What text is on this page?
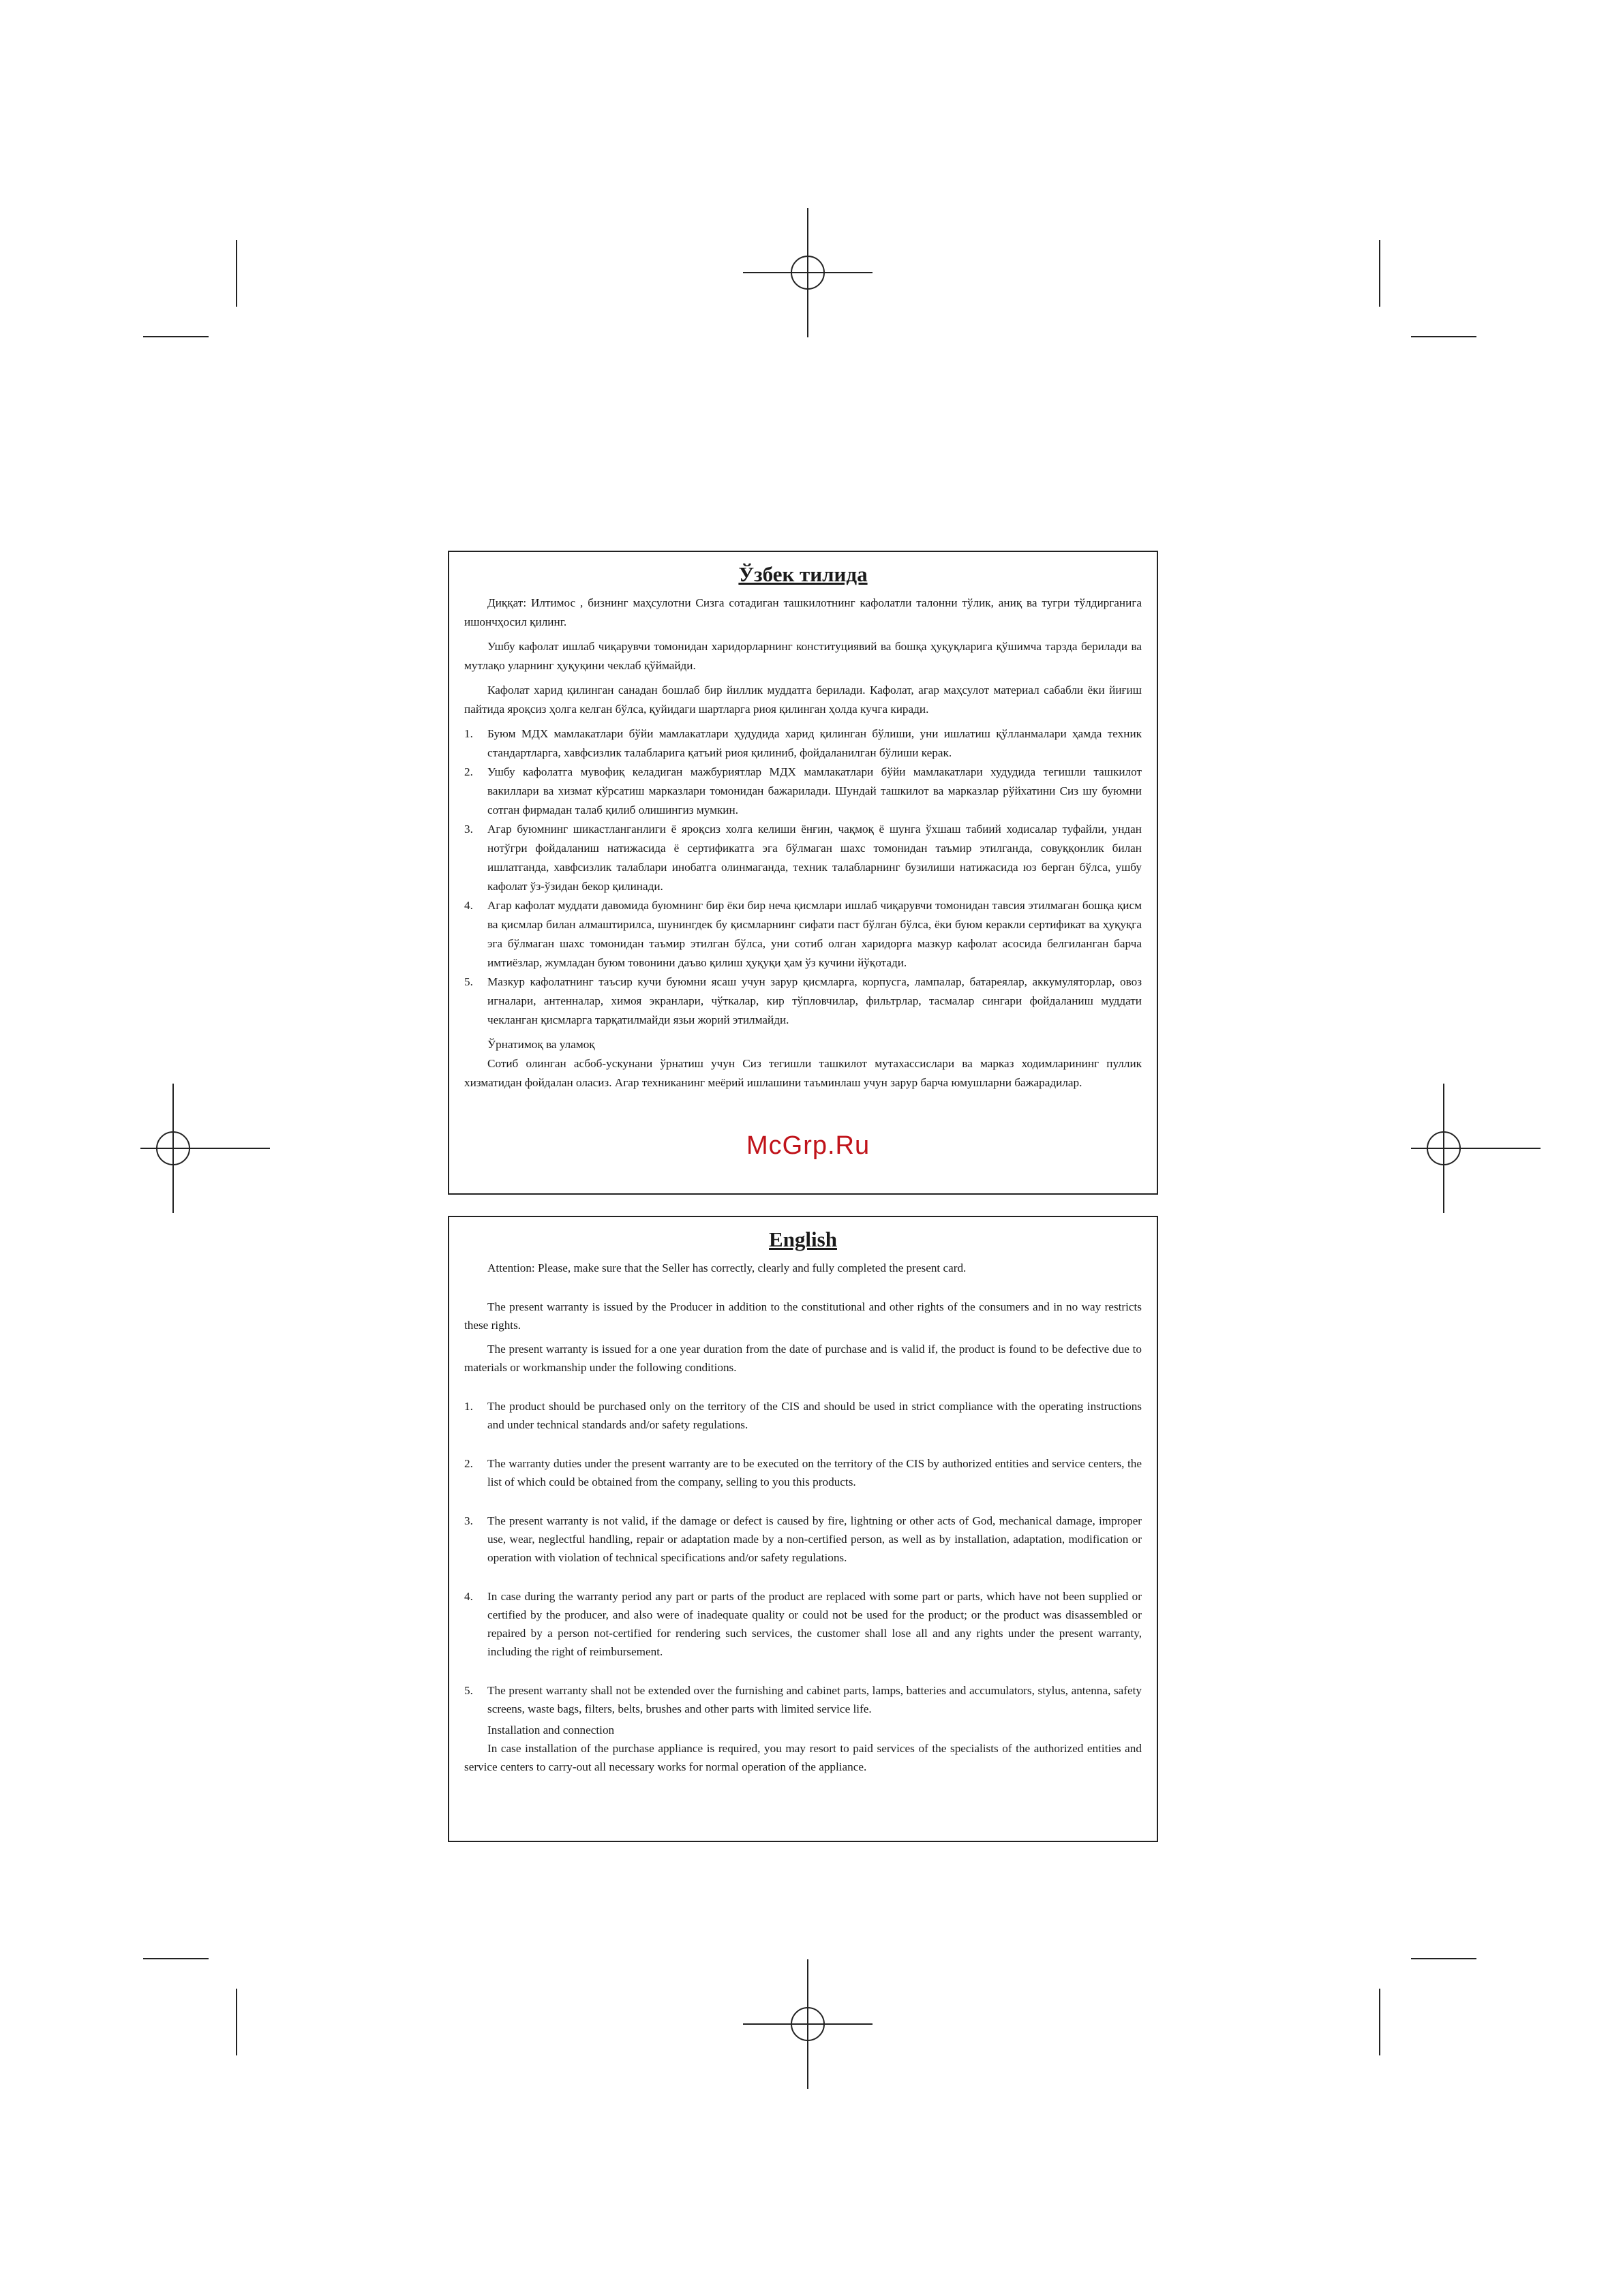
Ўзбек тилида

Диққат: Илтимос , бизнинг маҳсулотни Сизга сотадиган ташкилотнинг кафолатли талонни тўлик, аниқ ва тугри тўлдирганига ишончҳосил қилинг.

Ушбу кафолат ишлаб чиқарувчи томонидан харидорларнинг конституциявий ва бошқа ҳуқуқларига қўшимча тарзда берилади ва мутлақо уларнинг ҳуқуқини чеклаб қўймайди.

Кафолат харид қилинган санадан бошлаб бир йиллик муддатга берилади. Кафолат, агар маҳсулот материал сабабли ёки йиғиш пайтида яроқсиз ҳолга келган бўлса, қуйидаги шартларга риоя қилинган ҳолда кучга киради.

1. Буюм МДХ мамлакатлари бўйи мамлакатлари ҳудудида харид қилинган бўлиши, уни ишлатиш қўлланмалари ҳамда техник стандартларга, хавфсизлик талабларига қатъий риоя қилиниб, фойдаланилган бўлиши керак.
2. Ушбу кафолатга мувофиқ келадиган мажбуриятлар МДХ мамлакатлари бўйи мамлакатлари худудида тегишли ташкилот вакиллари ва хизмат кўрсатиш марказлари томонидан бажарилади. Шундай ташкилот ва марказлар рўйхатини Сиз шу буюмни сотган фирмадан талаб қилиб олишингиз мумкин.
3. Агар буюмнинг шикастланганлиги ё яроқсиз холга келиши ёнғин, чақмоқ ё шунга ўхшаш табиий ходисалар туфайли, ундан нотўгри фойдаланиш натижасида ё сертификатга эга бўлмаган шахс томонидан таъмир этилганда, совуққонлик билан ишлатганда, хавфсизлик талаблари инобатга олинмаганда, техник талабларнинг бузилиши натижасида юз берган бўлса, ушбу кафолат ўз-ўзидан бекор қилинади.
4. Агар кафолат муддати давомида буюмнинг бир ёки бир неча қисмлари ишлаб чиқарувчи томонидан тавсия этилмаган бошқа қисм ва қисмлар билан алмаштирилса, шунингдек бу қисмларнинг сифати паст бўлган бўлса, ёки буюм керакли сертификат ва ҳуқуқга эга бўлмаган шахс томонидан таъмир этилган бўлса, уни сотиб олган харидорга мазкур кафолат асосида белгиланган барча имтиёзлар, жумладан буюм товонини даъво қилиш ҳуқуқи ҳам ўз кучини йўқотади.
5. Мазкур кафолатнинг таъсир кучи буюмни ясаш учун зарур қисмларга, корпусга, лампалар, батареялар, аккумуляторлар, овоз игналари, антенналар, химоя экранлари, чўткалар, кир тўпловчилар, фильтрлар, тасмалар сингари фойдаланиш муддати чекланган қисмларга тарқатилмайди язьи жорий этилмайди.

Ўрнатимоқ ва уламоқ

Сотиб олинган асбоб-ускунани ўрнатиш учун Сиз тегишли ташкилот мутахассислари ва марказ ходимларининг пуллик хизматидан фойдалан оласиз. Агар техниканинг меёрий ишлашини таъминлаш учун зарур барча юмушларни бажарадилар.

English

Attention: Please, make sure that the Seller has correctly, clearly and fully completed the present card.

The present warranty is issued by the Producer in addition to the constitutional and other rights of the consumers and in no way restricts these rights.

The present warranty is issued for a one year duration from the date of purchase and is valid if, the product is found to be defective due to materials or workmanship under the following conditions.

1. The product should be purchased only on the territory of the CIS and should be used in strict compliance with the operating instructions and under technical standards and/or safety regulations.
2. The warranty duties under the present warranty are to be executed on the territory of the CIS by authorized entities and service centers, the list of which could be obtained from the company, selling to you this products.
3. The present warranty is not valid, if the damage or defect is caused by fire, lightning or other acts of God, mechanical damage, improper use, wear, neglectful handling, repair or adaptation made by a non-certified person, as well as by installation, adaptation, modification or operation with violation of technical specifications and/or safety regulations.
4. In case during the warranty period any part or parts of the product are replaced with some part or parts, which have not been supplied or certified by the producer, and also were of inadequate quality or could not be used for the product; or the product was disassembled or repaired by a person not-certified for rendering such services, the customer shall lose all and any rights under the present warranty, including the right of reimbursement.
5. The present warranty shall not be extended over the furnishing and cabinet parts, lamps, batteries and accumulators, stylus, antenna, safety screens, waste bags, filters, belts, brushes and other parts with limited service life.

Installation and connection

In case installation of the purchase appliance is required, you may resort to paid services of the specialists of the authorized entities and service centers to carry-out all necessary works for normal operation of the appliance.

McGrp.Ru
